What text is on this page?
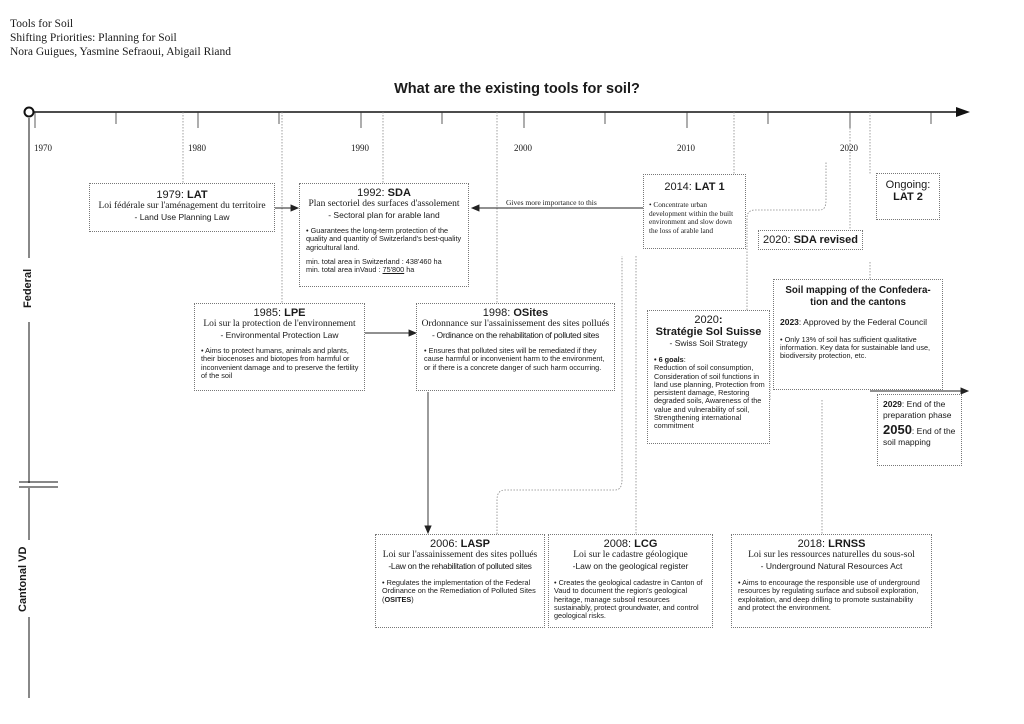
Tools for Soil
Shifting Priorities: Planning for Soil
Nora Guigues, Yasmine Sefraoui, Abigail Riand
What are the existing tools for soil?
1970	1980	1990	2000	2010	2020
Federal
Cantonal VD
Gives more importance to this
1979: LAT
Loi fédérale sur l'aménagement du territoire
- Land Use Planning Law
1992: SDA
Plan sectoriel des surfaces d'assolement
- Sectoral plan for arable land
• Guarantees the long-term protection of the quality and quantity of Switzerland's best-quality agricultural land.
min. total area in Switzerland : 438'460 ha
min. total area inVaud : 75'800 ha
2014: LAT 1
• Concentrate urban development within the built environment and slow down the loss of arable land
Ongoing:
LAT 2
2020: SDA revised
1985: LPE
Loi sur la protection de l'environnement
- Environmental Protection Law
• Aims to protect humans, animals and plants, their biocenoses and biotopes from harmful or inconvenient damage and to preserve the fertility of the soil
1998: OSites
Ordonnance sur l'assainissement des sites pollués
- Ordinance on the rehabilitation of polluted sites
• Ensures that polluted sites will be remediated if they cause harmful or inconvenient harm to the environment, or if there is a concrete danger of such harm occurring.
2020:
Stratégie Sol Suisse
- Swiss Soil Strategy
• 6 goals:
Reduction of soil consumption, Consideration of soil functions in land use planning, Protection from persistent damage, Restoring degraded soils, Awareness of the value and vulnerability of soil, Strengthening international commitment
Soil mapping of the Confedera- tion and the cantons
2023: Approved by the Federal Council
• Only 13% of soil has sufficient qualitative information. Key data for sustainable land use, biodiversity protection, etc.
2029: End of the preparation phase
2050: End of the soil mapping
2006: LASP
Loi sur l'assainissement des sites pollués
-Law on the rehabilitation of polluted sites
• Regulates the implementation of the Federal Ordinance on the Remediation of Polluted Sites (OSITES)
2008: LCG
Loi sur le cadastre géologique
-Law on the geological register
• Creates the geological cadastre in Canton of Vaud to document the region's geological heritage, manage subsoil resources sustainably, protect groundwater, and control geological risks.
2018: LRNSS
Loi sur les ressources naturelles du sous-sol
- Underground Natural Resources Act
• Aims to encourage the responsible use of underground resources by regulating surface and subsoil exploration, exploitation, and deep drilling to promote sustainability and protect the environment.
